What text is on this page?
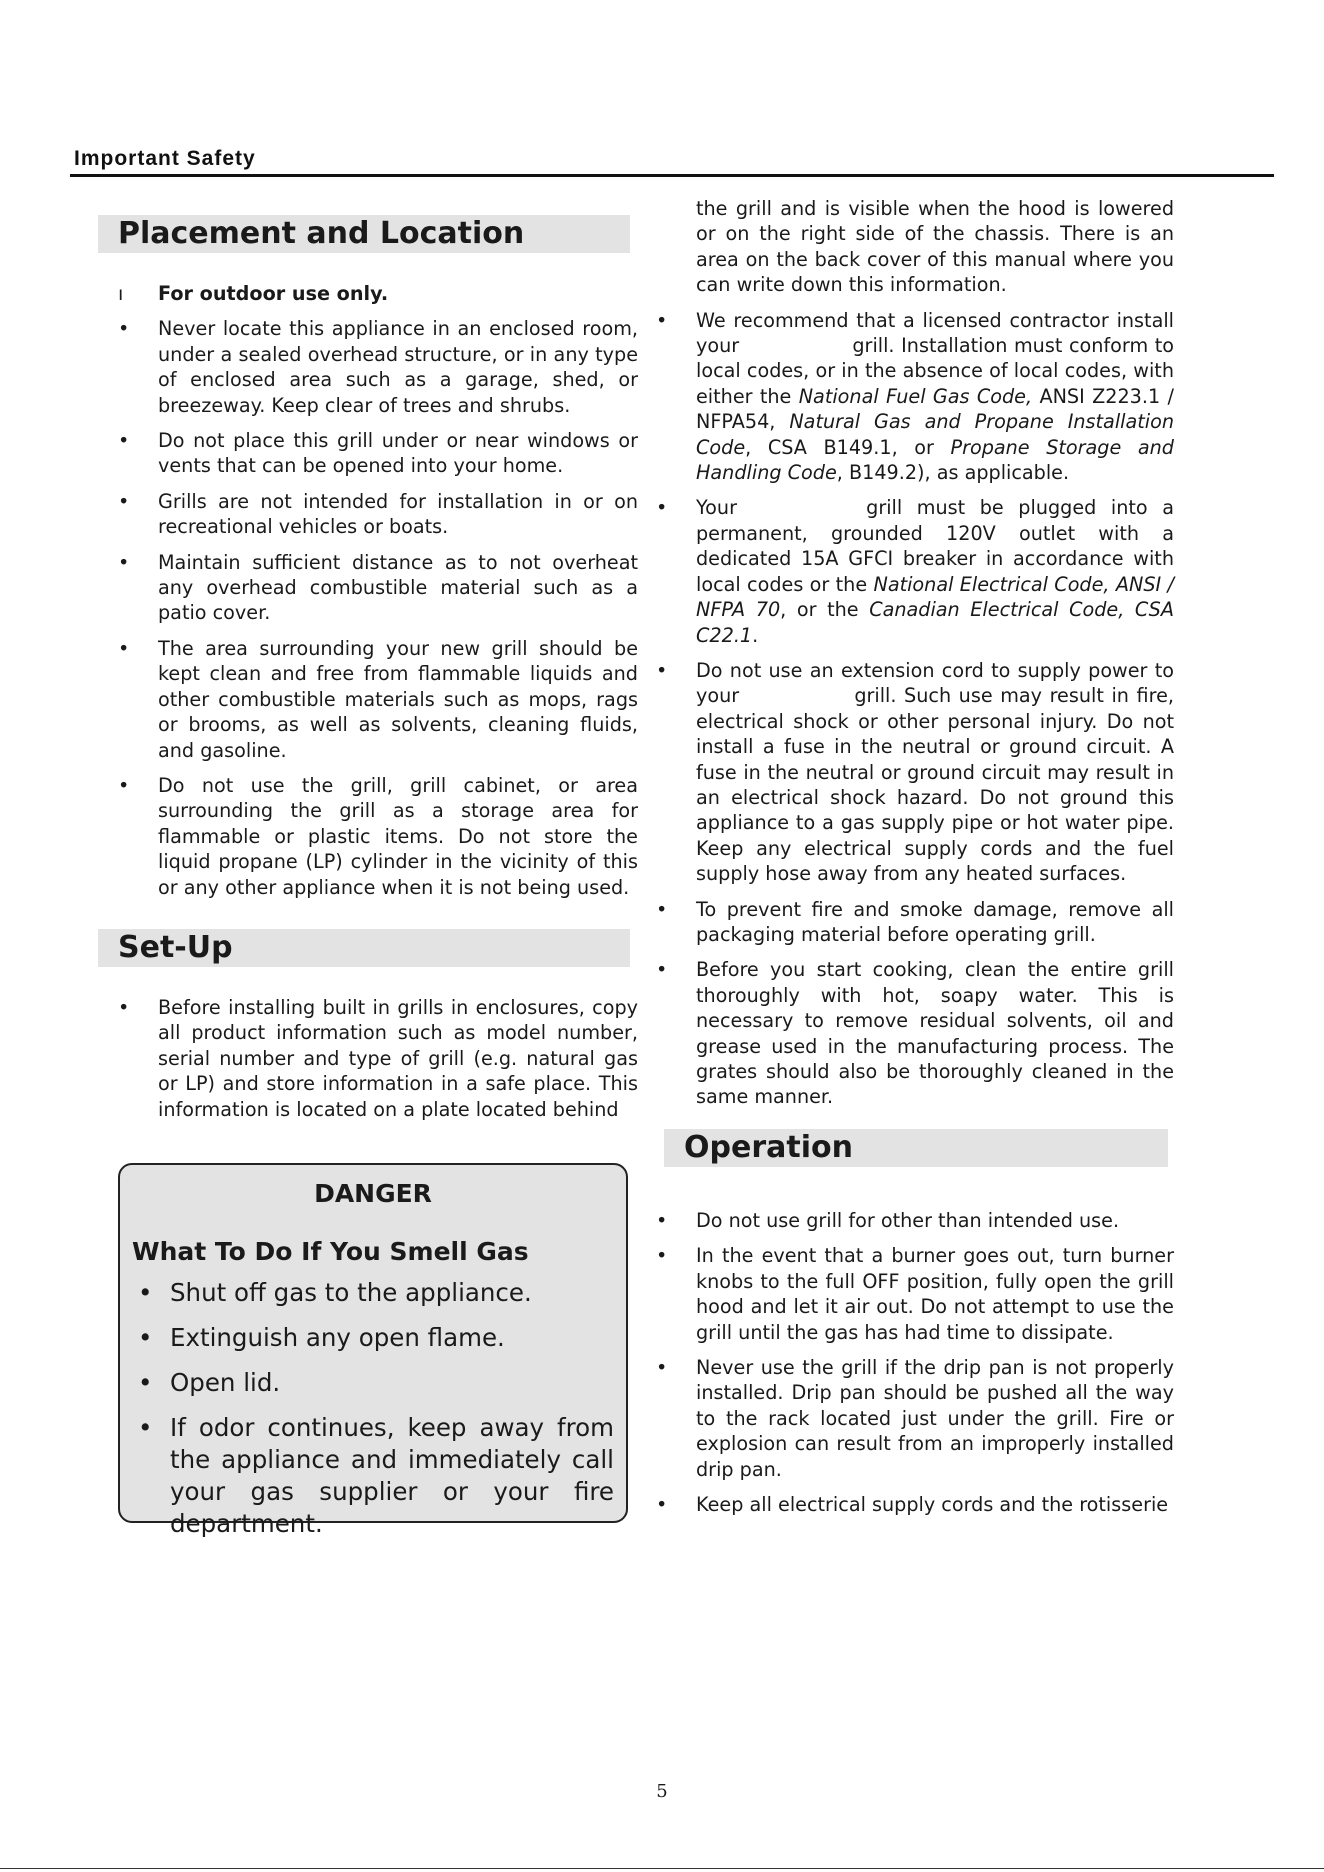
Important Safety
Placement and Location
ı	For outdoor use only.
•	Never locate this appliance in an enclosed room, under a sealed overhead structure, or in any type of enclosed area such as a garage, shed, or breezeway. Keep clear of trees and shrubs.
•	Do not place this grill under or near windows or vents that can be opened into your home.
•	Grills are not intended for installation in or on recreational vehicles or boats.
•	Maintain sufficient distance as to not overheat any overhead combustible material such as a patio cover.
•	The area surrounding your new grill should be kept clean and free from flammable liquids and other combustible materials such as mops, rags or brooms, as well as solvents, cleaning fluids, and gasoline.
•	Do not use the grill, grill cabinet, or area surrounding the grill as a storage area for flammable or plastic items. Do not store the liquid propane (LP) cylinder in the vicinity of this or any other appliance when it is not being used.
Set-Up
•	Before installing built in grills in enclosures, copy all product information such as model number, serial number and type of grill (e.g. natural gas or LP) and store information in a safe place. This information is located on a plate located behind
DANGER
What To Do If You Smell Gas
• Shut off gas to the appliance.
• Extinguish any open flame.
• Open lid.
• If odor continues, keep away from the appliance and immediately call your gas supplier or your fire department.
the grill and is visible when the hood is lowered or on the right side of the chassis. There is an area on the back cover of this manual where you can write down this information.
•	We recommend that a licensed contractor install your	grill. Installation must conform to local codes, or in the absence of local codes, with either the National Fuel Gas Code, ANSI Z223.1 / NFPA54, Natural Gas and Propane Installation Code, CSA B149.1, or Propane Storage and Handling Code, B149.2), as applicable.
•	Your	grill must be plugged into a permanent, grounded 120V outlet with a dedicated 15A GFCI breaker in accordance with local codes or the National Electrical Code, ANSI / NFPA 70, or the Canadian Electrical Code, CSA C22.1.
•	Do not use an extension cord to supply power to your	grill. Such use may result in fire, electrical shock or other personal injury. Do not install a fuse in the neutral or ground circuit. A fuse in the neutral or ground circuit may result in an electrical shock hazard. Do not ground this appliance to a gas supply pipe or hot water pipe. Keep any electrical supply cords and the fuel supply hose away from any heated surfaces.
•	To prevent fire and smoke damage, remove all packaging material before operating grill.
•	Before you start cooking, clean the entire grill thoroughly with hot, soapy water. This is necessary to remove residual solvents, oil and grease used in the manufacturing process. The grates should also be thoroughly cleaned in the same manner.
Operation
•	Do not use grill for other than intended use.
•	In the event that a burner goes out, turn burner knobs to the full OFF position, fully open the grill hood and let it air out. Do not attempt to use the grill until the gas has had time to dissipate.
•	Never use the grill if the drip pan is not properly installed. Drip pan should be pushed all the way to the rack located just under the grill. Fire or explosion can result from an improperly installed drip pan.
•	Keep all electrical supply cords and the rotisserie
5
